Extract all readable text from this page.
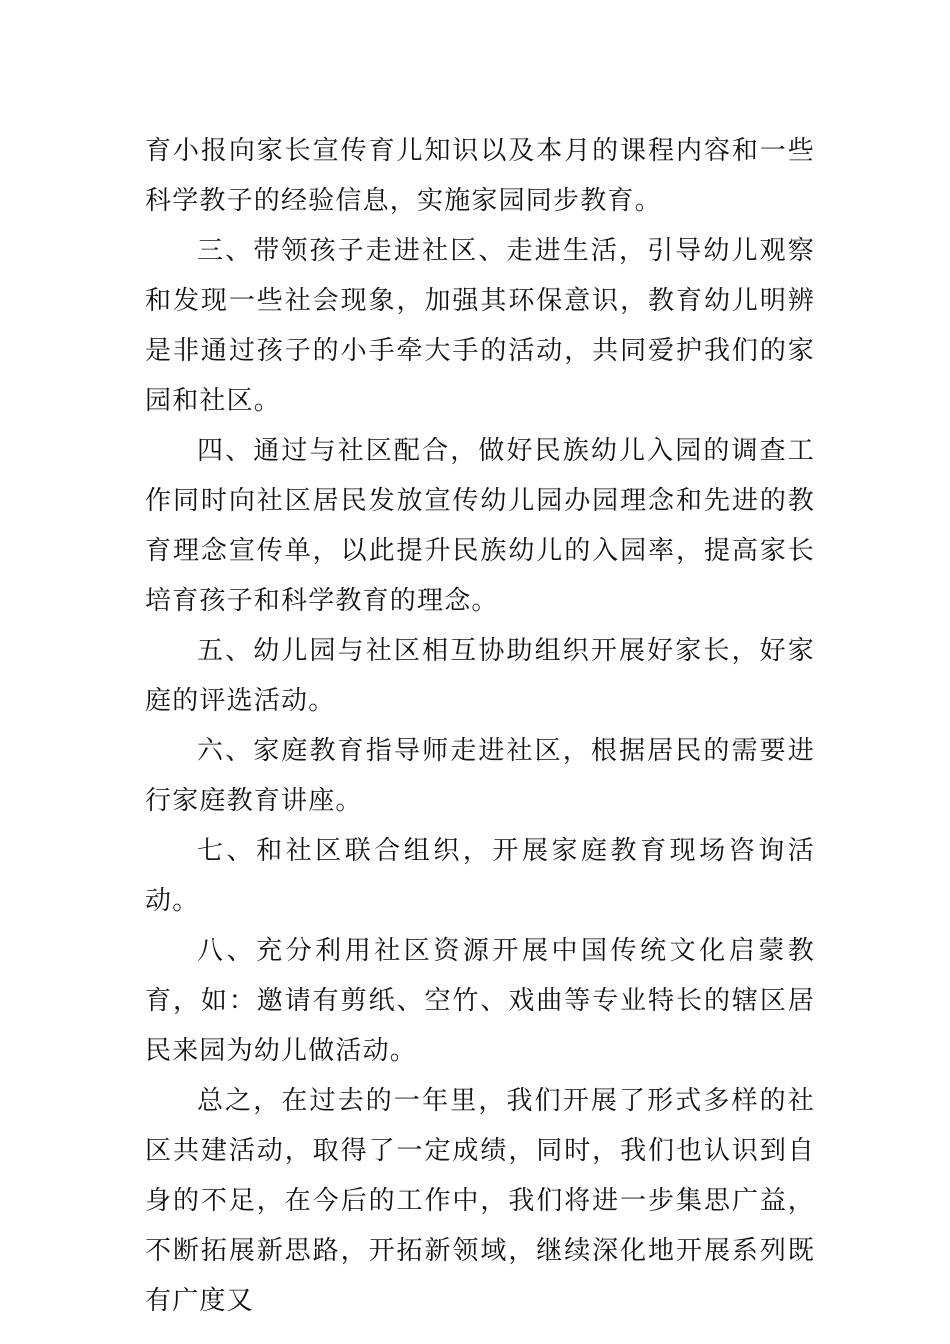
育小报向家长宣传育儿知识以及本月的课程内容和一些科学教子的经验信息，实施家园同步教育。

三、带领孩子走进社区、走进生活，引导幼儿观察和发现一些社会现象，加强其环保意识，教育幼儿明辨是非通过孩子的小手牵大手的活动，共同爱护我们的家园和社区。

四、通过与社区配合，做好民族幼儿入园的调查工作同时向社区居民发放宣传幼儿园办园理念和先进的教育理念宣传单，以此提升民族幼儿的入园率，提高家长培育孩子和科学教育的理念。

五、幼儿园与社区相互协助组织开展好家长，好家庭的评选活动。

六、家庭教育指导师走进社区，根据居民的需要进行家庭教育讲座。

七、和社区联合组织，开展家庭教育现场咨询活动。

八、充分利用社区资源开展中国传统文化启蒙教育，如：邀请有剪纸、空竹、戏曲等专业特长的辖区居民来园为幼儿做活动。

总之，在过去的一年里，我们开展了形式多样的社区共建活动，取得了一定成绩，同时，我们也认识到自身的不足，在今后的工作中，我们将进一步集思广益，不断拓展新思路，开拓新领域，继续深化地开展系列既有广度又
